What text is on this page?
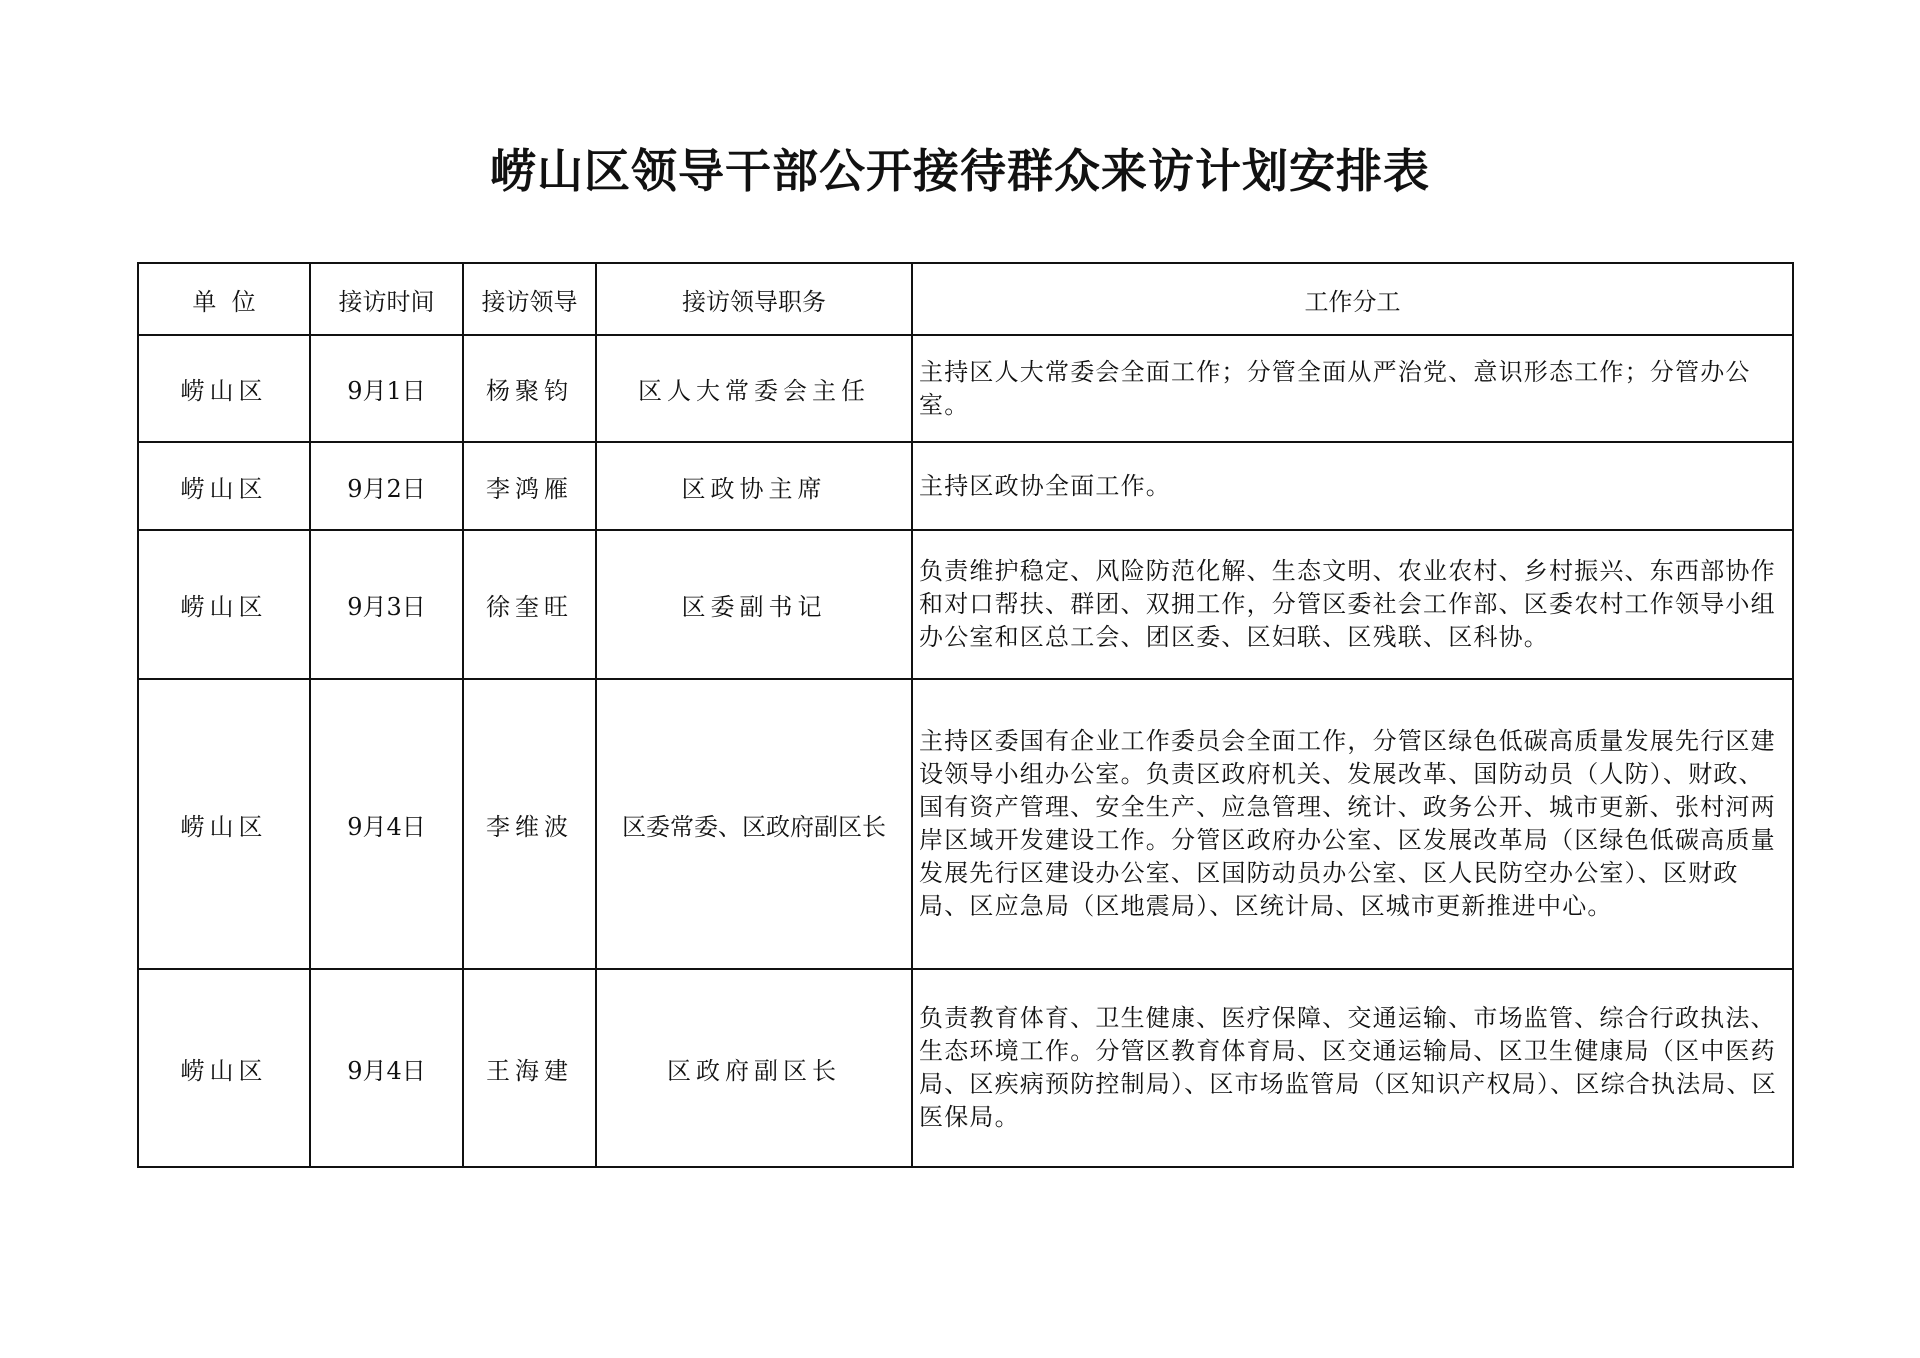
崂山区领导干部公开接待群众来访计划安排表
单  位	接访时间	接访领导	接访领导职务	工作分工
崂山区	9月1日	杨聚钧	区人大常委会主任	主持区人大常委会全面工作；分管全面从严治党、意识形态工作；分管办公室。
崂山区	9月2日	李鸿雁	区政协主席	主持区政协全面工作。
崂山区	9月3日	徐奎旺	区委副书记	负责维护稳定、风险防范化解、生态文明、农业农村、乡村振兴、东西部协作和对口帮扶、群团、双拥工作，分管区委社会工作部、区委农村工作领导小组办公室和区总工会、团区委、区妇联、区残联、区科协。
崂山区	9月4日	李维波	区委常委、区政府副区长	主持区委国有企业工作委员会全面工作，分管区绿色低碳高质量发展先行区建设领导小组办公室。负责区政府机关、发展改革、国防动员（人防）、财政、国有资产管理、安全生产、应急管理、统计、政务公开、城市更新、张村河两岸区域开发建设工作。分管区政府办公室、区发展改革局（区绿色低碳高质量发展先行区建设办公室、区国防动员办公室、区人民防空办公室）、区财政局、区应急局（区地震局）、区统计局、区城市更新推进中心。
崂山区	9月4日	王海建	区政府副区长	负责教育体育、卫生健康、医疗保障、交通运输、市场监管、综合行政执法、生态环境工作。分管区教育体育局、区交通运输局、区卫生健康局（区中医药局、区疾病预防控制局）、区市场监管局（区知识产权局）、区综合执法局、区医保局。
